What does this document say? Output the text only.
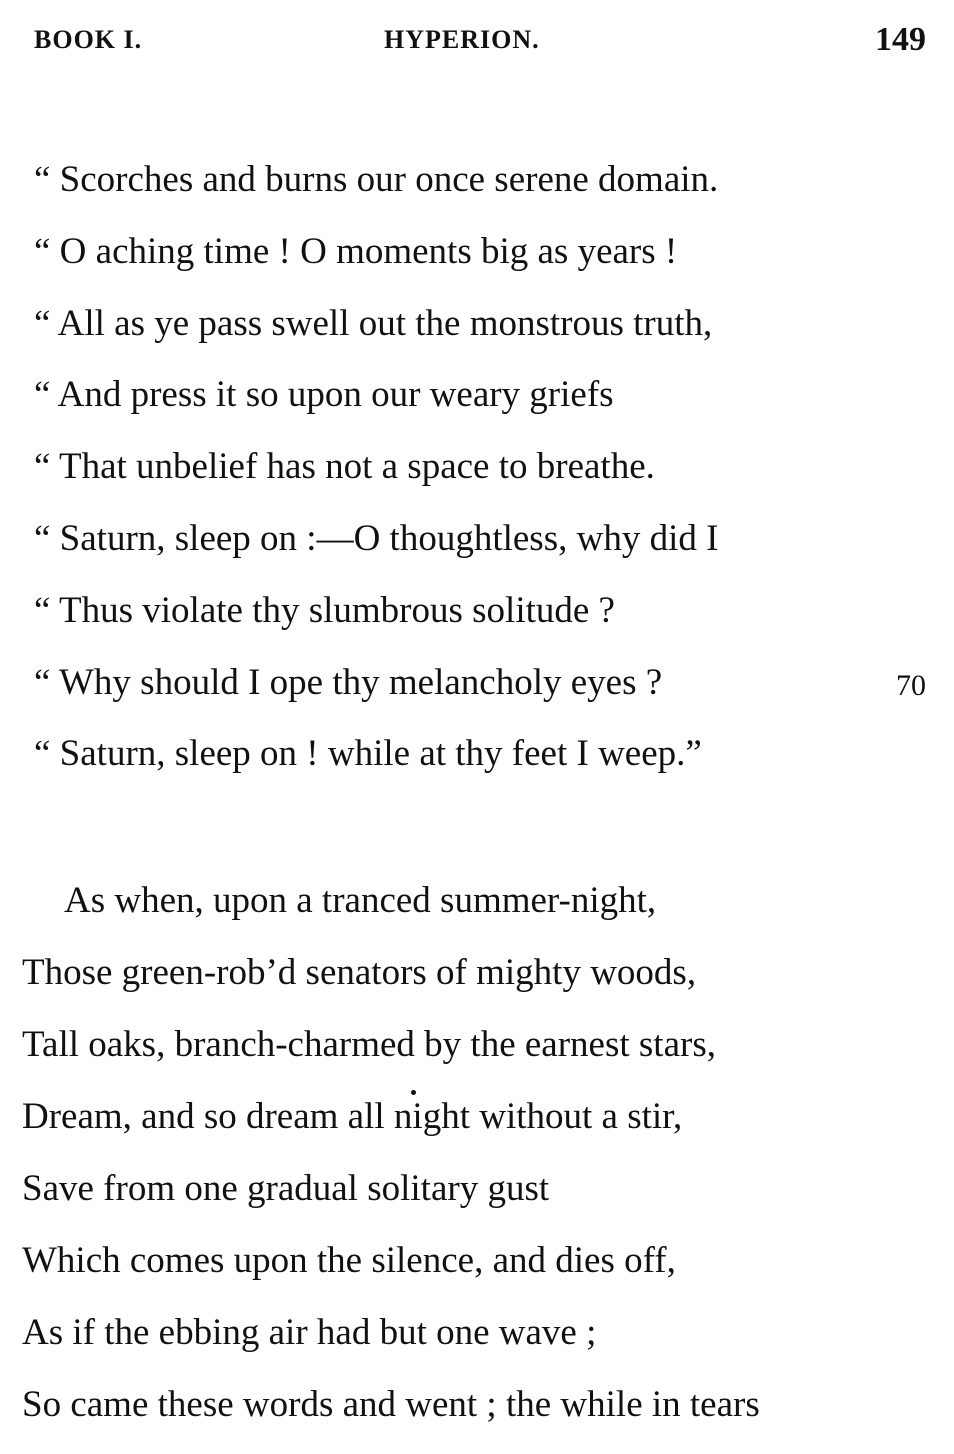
BOOK I.	HYPERION.	149
“ Scorches and burns our once serene domain.
“ O aching time ! O moments big as years !
“ All as ye pass swell out the monstrous truth,
“ And press it so upon our weary griefs
“ That unbelief has not a space to breathe.
“ Saturn, sleep on :—O thoughtless, why did I
“ Thus violate thy slumbrous solitude ?
“ Why should I ope thy melancholy eyes ?	70
“ Saturn, sleep on ! while at thy feet I weep.”
As when, upon a tranced summer-night,
Those green-rob’d senators of mighty woods,
Tall oaks, branch-charmed by the earnest stars,
Dream, and so dream all night without a stir,
Save from one gradual solitary gust
Which comes upon the silence, and dies off,
As if the ebbing air had but one wave ;
So came these words and went ; the while in tears
